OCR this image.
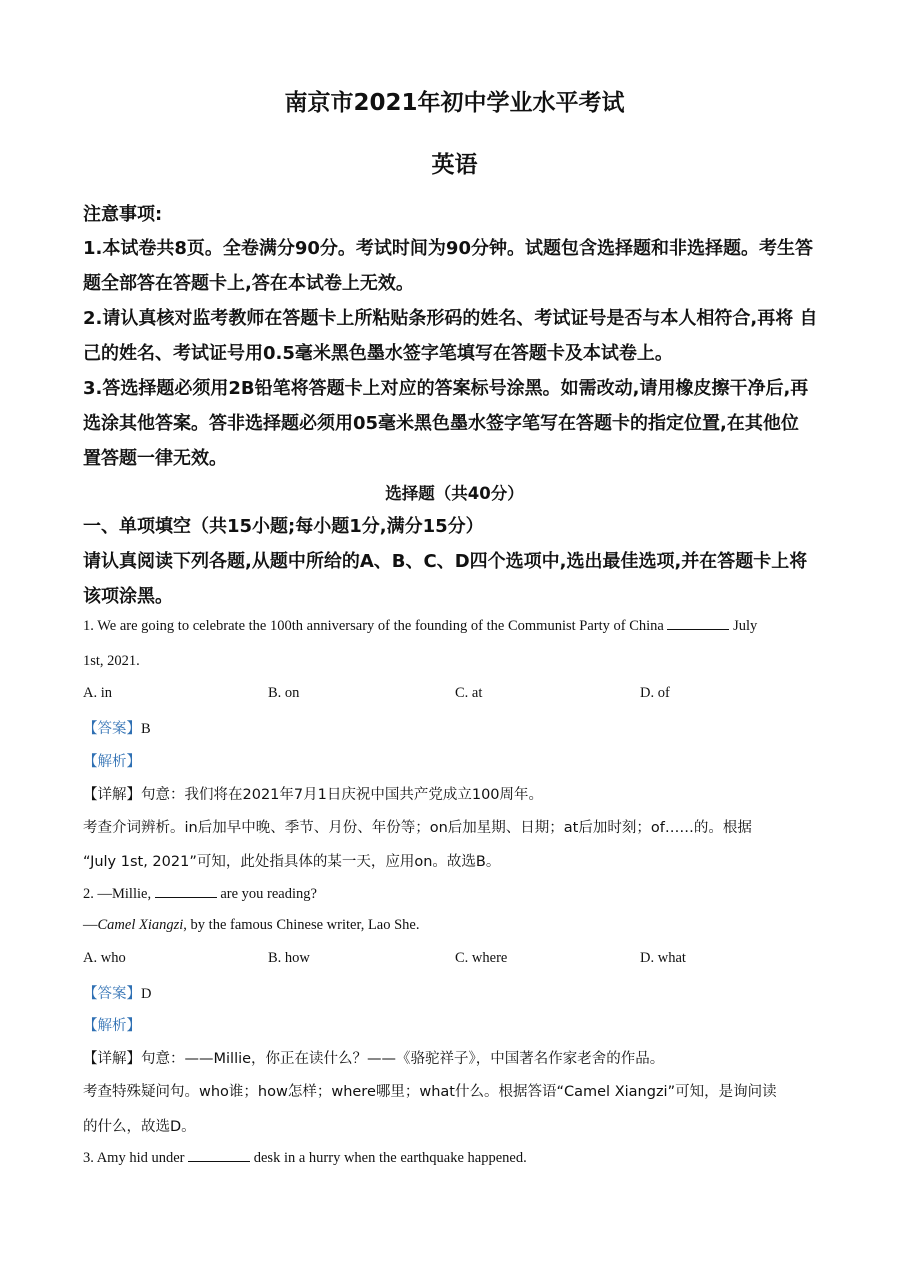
南京市2021年初中学业水平考试
英语
注意事项:
1.本试卷共8页。全卷满分90分。考试时间为90分钟。试题包含选择题和非选择题。考生答
题全部答在答题卡上,答在本试卷上无效。
2.请认真核对监考教师在答题卡上所粘贴条形码的姓名、考试证号是否与本人相符合,再将 自
己的姓名、考试证号用0.5毫米黑色墨水签字笔填写在答题卡及本试卷上。
3.答选择题必须用2B铅笔将答题卡上对应的答案标号涂黑。如需改动,请用橡皮擦干净后,再
选涂其他答案。答非选择题必须用05毫米黑色墨水签字笔写在答题卡的指定位置,在其他位
置答题一律无效。
选择题（共40分）
一、单项填空（共15小题;每小题1分,满分15分）
请认真阅读下列各题,从题中所给的A、B、C、D四个选项中,选出最佳选项,并在答题卡上将
该项涂黑。
1. We are going to celebrate the 100th anniversary of the founding of the Communist Party of China	July
1st, 2021.
A. in	B. on	C. at	D. of
【答案】B
【解析】
【详解】句意：我们将在2021年7月1日庆祝中国共产党成立100周年。
考查介词辨析。in后加早中晚、季节、月份、年份等；on后加星期、日期；at后加时刻；of……的。根据
“July 1st, 2021”可知，此处指具体的某一天，应用on。故选B。
2. —Millie,	are you reading?
—Camel Xiangzi, by the famous Chinese writer, Lao She.
A. who	B. how	C. where	D. what
【答案】D
【解析】
【详解】句意：——Millie，你正在读什么？——《骆驼祥子》，中国著名作家老舍的作品。
考查特殊疑问句。who谁；how怎样；where哪里；what什么。根据答语“Camel Xiangzi”可知，是询问读
的什么，故选D。
3. Amy hid under	desk in a hurry when the earthquake happened.
